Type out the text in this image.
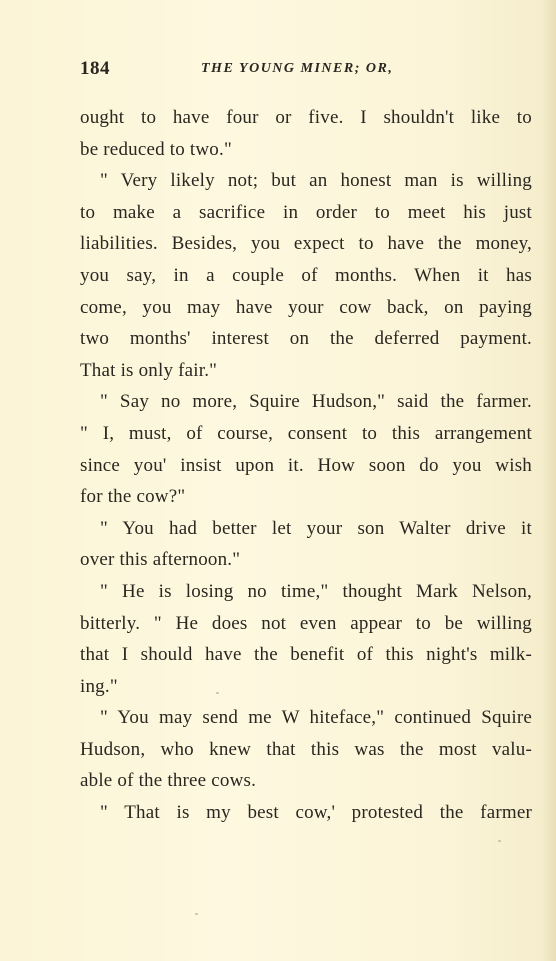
184	THE YOUNG MINER; OR,
ought to have four or five. I shouldn't like to
be reduced to two."
" Very likely not; but an honest man is willing
to make a sacrifice in order to meet his just
liabilities. Besides, you expect to have the money,
you say, in a couple of months. When it has
come, you may have your cow back, on paying
two months' interest on the deferred payment.
That is only fair."
" Say no more, Squire Hudson," said the farmer.
" I, must, of course, consent to this arrangement
since you' insist upon it. How soon do you wish
for the cow?"
" You had better let your son Walter drive it
over this afternoon."
" He is losing no time," thought Mark Nelson,
bitterly. " He does not even appear to be willing
that I should have the benefit of this night's milk-
ing."
" You may send me W hiteface," continued Squire
Hudson, who knew that this was the most valu-
able of the three cows.
" That is my best cow,' protested the farmer
